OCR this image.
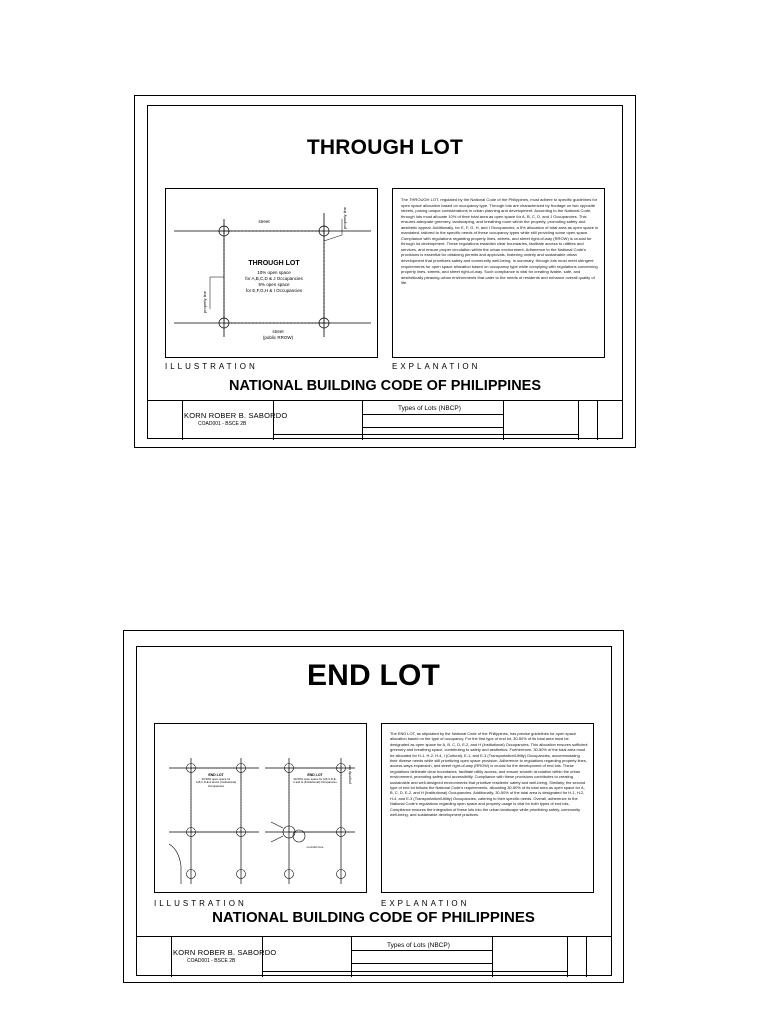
THROUGH LOT
street	property line
property line
THROUGH LOT
10% open space
for A,B,C,D & J Occupancies
5% open space
for E,F,G,H & I Occupancies
street
(public RROW)

The THROUGH LOT, regulated by the National Code of the Philippines, must adhere to specific guidelines for open space allocation based on occupancy type. Through lots are characterized by frontage on two opposite streets, posing unique considerations in urban planning and development. According to the National Code, through lots must allocate 10% of their total area as open space for A, B, C, D, and J Occupancies. This ensures adequate greenery, landscaping, and breathing room within the property, promoting safety and aesthetic appeal. Additionally, for E, F, G, H, and I Occupancies, a 5% allocation of total area as open space is mandated, tailored to the specific needs of these occupancy types while still providing some open space. Compliance with regulations regarding property lines, streets, and street right-of-way (RROW) is crucial for through lot development. These regulations establish clear boundaries, facilitate access to utilities and services, and ensure proper circulation within the urban environment. Adherence to the National Code's provisions is essential for obtaining permits and approvals, fostering orderly and sustainable urban development that prioritizes safety and community well-being. In summary, through lots must meet stringent requirements for open space allocation based on occupancy type while complying with regulations concerning property lines, streets, and street right-of-way. Such compliance is vital for creating livable, safe, and aesthetically pleasing urban environments that cater to the needs of residents and enhance overall quality of life.

ILLUSTRATION	EXPLANATION
NATIONAL BUILDING CODE OF PHILIPPINES
KORN ROBER B. SABORDO
COAD001 - BSCE 2B
Types of Lots (NBCP)
END LOT
END LOT	END LOT
30-50% open space for A,B,C,D,E-2 and H (Institutional) Occupancies
30-50% open space for A,B,C,D,E-2 and H (Institutional) Occupancies	property line
no-build zone

The END LOT, as stipulated by the National Code of the Philippines, has precise guidelines for open space allocation based on the type of occupancy. For the first type of end lot, 30-50% of its total area must be designated as open space for A, B, C, D, E-2, and H (Institutional) Occupancies. This allocation ensures sufficient greenery and breathing space, contributing to safety and aesthetics. Furthermore, 30-50% of the total area must be allocated for H-1, H-2, H-4, I (Cultural), E-1, and E-3 (Transportation/Utility) Occupancies, accommodating their diverse needs while still prioritizing open space provision. Adherence to regulations regarding property lines, access-ways expansion, and street right-of-way (RROW) is crucial for the development of end lots. These regulations delineate clear boundaries, facilitate utility access, and ensure smooth circulation within the urban environment, promoting safety and accessibility. Compliance with these provisions contributes to creating sustainable and well-designed environments that prioritize residents' safety and well-being. Similarly, the second type of end lot follows the National Code's requirements, allocating 30-50% of its total area as open space for A, B, C, D, E-2, and H (Institutional) Occupancies. Additionally, 30-50% of the total area is designated for H-1, H-2, H-4, and E-3 (Transportation/Utility) Occupancies, catering to their specific needs. Overall, adherence to the National Code's regulations regarding open space and property usage is vital for both types of end lots. Compliance ensures the integration of these lots into the urban landscape while prioritizing safety, community well-being, and sustainable development practices.

ILLUSTRATION	EXPLANATION
NATIONAL BUILDING CODE OF PHILIPPINES
KORN ROBER B. SABORDO
COAD001 - BSCE 2B
Types of Lots (NBCP)
